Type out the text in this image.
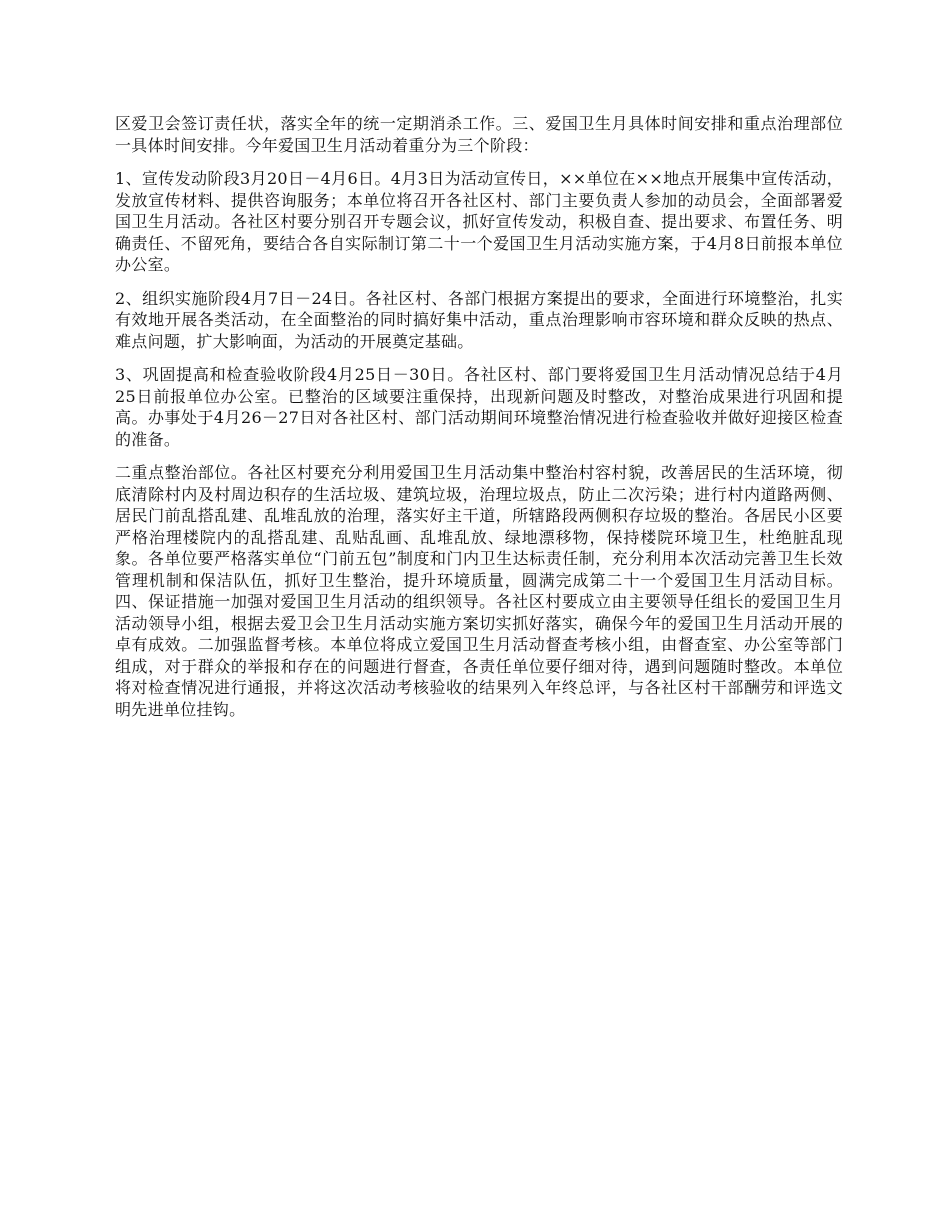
区爱卫会签订责任状，落实全年的统一定期消杀工作。三、爱国卫生月具体时间安排和重点治理部位一具体时间安排。今年爱国卫生月活动着重分为三个阶段：

1、宣传发动阶段3月20日－4月6日。4月3日为活动宣传日，××单位在××地点开展集中宣传活动，发放宣传材料、提供咨询服务；本单位将召开各社区村、部门主要负责人参加的动员会，全面部署爱国卫生月活动。各社区村要分别召开专题会议，抓好宣传发动，积极自查、提出要求、布置任务、明确责任、不留死角，要结合各自实际制订第二十一个爱国卫生月活动实施方案，于4月8日前报本单位办公室。

2、组织实施阶段4月7日－24日。各社区村、各部门根据方案提出的要求，全面进行环境整治，扎实有效地开展各类活动，在全面整治的同时搞好集中活动，重点治理影响市容环境和群众反映的热点、难点问题，扩大影响面，为活动的开展奠定基础。

3、巩固提高和检查验收阶段4月25日－30日。各社区村、部门要将爱国卫生月活动情况总结于4月25日前报单位办公室。已整治的区域要注重保持，出现新问题及时整改，对整治成果进行巩固和提高。办事处于4月26－27日对各社区村、部门活动期间环境整治情况进行检查验收并做好迎接区检查的准备。

二重点整治部位。各社区村要充分利用爱国卫生月活动集中整治村容村貌，改善居民的生活环境，彻底清除村内及村周边积存的生活垃圾、建筑垃圾，治理垃圾点，防止二次污染；进行村内道路两侧、居民门前乱搭乱建、乱堆乱放的治理，落实好主干道，所辖路段两侧积存垃圾的整治。各居民小区要严格治理楼院内的乱搭乱建、乱贴乱画、乱堆乱放、绿地漂移物，保持楼院环境卫生，杜绝脏乱现象。各单位要严格落实单位“门前五包”制度和门内卫生达标责任制，充分利用本次活动完善卫生长效管理机制和保洁队伍，抓好卫生整治，提升环境质量，圆满完成第二十一个爱国卫生月活动目标。四、保证措施一加强对爱国卫生月活动的组织领导。各社区村要成立由主要领导任组长的爱国卫生月活动领导小组，根据去爱卫会卫生月活动实施方案切实抓好落实，确保今年的爱国卫生月活动开展的卓有成效。二加强监督考核。本单位将成立爱国卫生月活动督查考核小组，由督查室、办公室等部门组成，对于群众的举报和存在的问题进行督查，各责任单位要仔细对待，遇到问题随时整改。本单位将对检查情况进行通报，并将这次活动考核验收的结果列入年终总评，与各社区村干部酬劳和评选文明先进单位挂钩。
